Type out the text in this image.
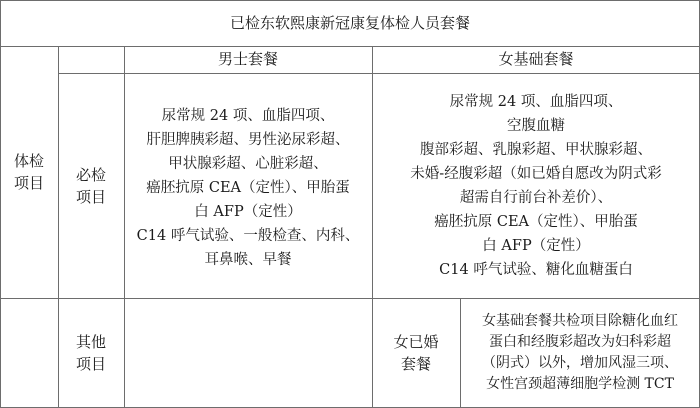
已检东软熙康新冠康复体检人员套餐
男士套餐	女基础套餐
体检
项目 必检
项目
其他
项目
尿常规 24 项、血脂四项、
肝胆脾胰彩超、男性泌尿彩超、
甲状腺彩超、心脏彩超、
癌胚抗原 CEA（定性）、甲胎蛋
白 AFP（定性）
C14 呼气试验、一般检查、内科、
耳鼻喉、早餐
尿常规 24 项、血脂四项、
空腹血糖
腹部彩超、乳腺彩超、甲状腺彩超、
未婚-经腹彩超（如已婚自愿改为阴式彩
超需自行前台补差价）、
癌胚抗原 CEA（定性）、甲胎蛋
白 AFP（定性）
C14 呼气试验、糖化血糖蛋白
女已婚
套餐
女基础套餐共检项目除糖化血红
蛋白和经腹彩超改为妇科彩超
（阴式）以外，增加风湿三项、
女性宫颈超薄细胞学检测 TCT
